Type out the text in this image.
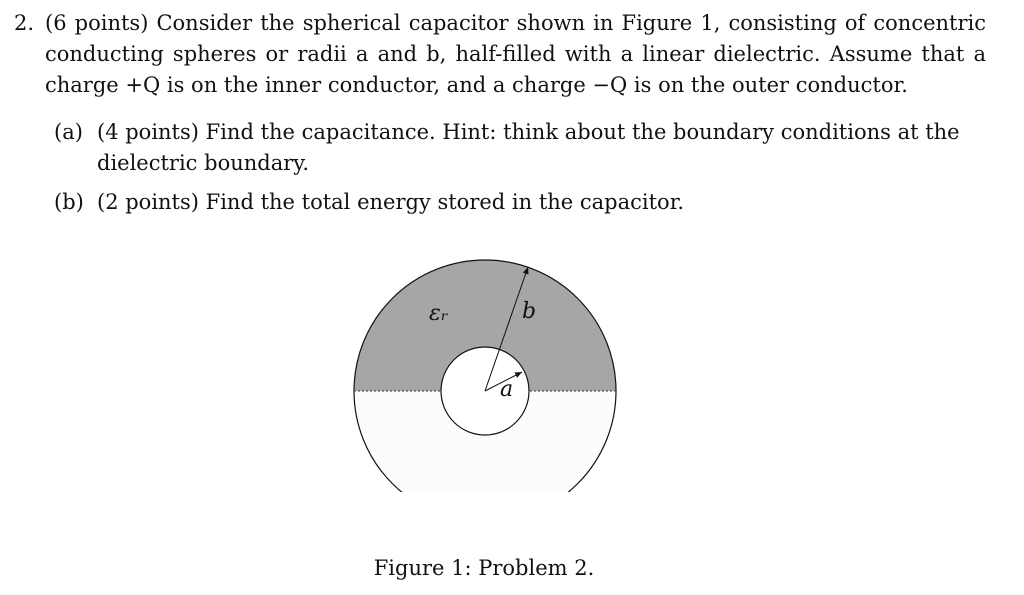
2. (6 points) Consider the spherical capacitor shown in Figure 1, consisting of concentric conducting spheres or radii a and b, half-filled with a linear dielectric. Assume that a charge +Q is on the inner conductor, and a charge −Q is on the outer conductor.
(a) (4 points) Find the capacitance. Hint: think about the boundary conditions at the dielectric boundary.
(b) (2 points) Find the total energy stored in the capacitor.
εᵣ	b
a
Figure 1: Problem 2.
